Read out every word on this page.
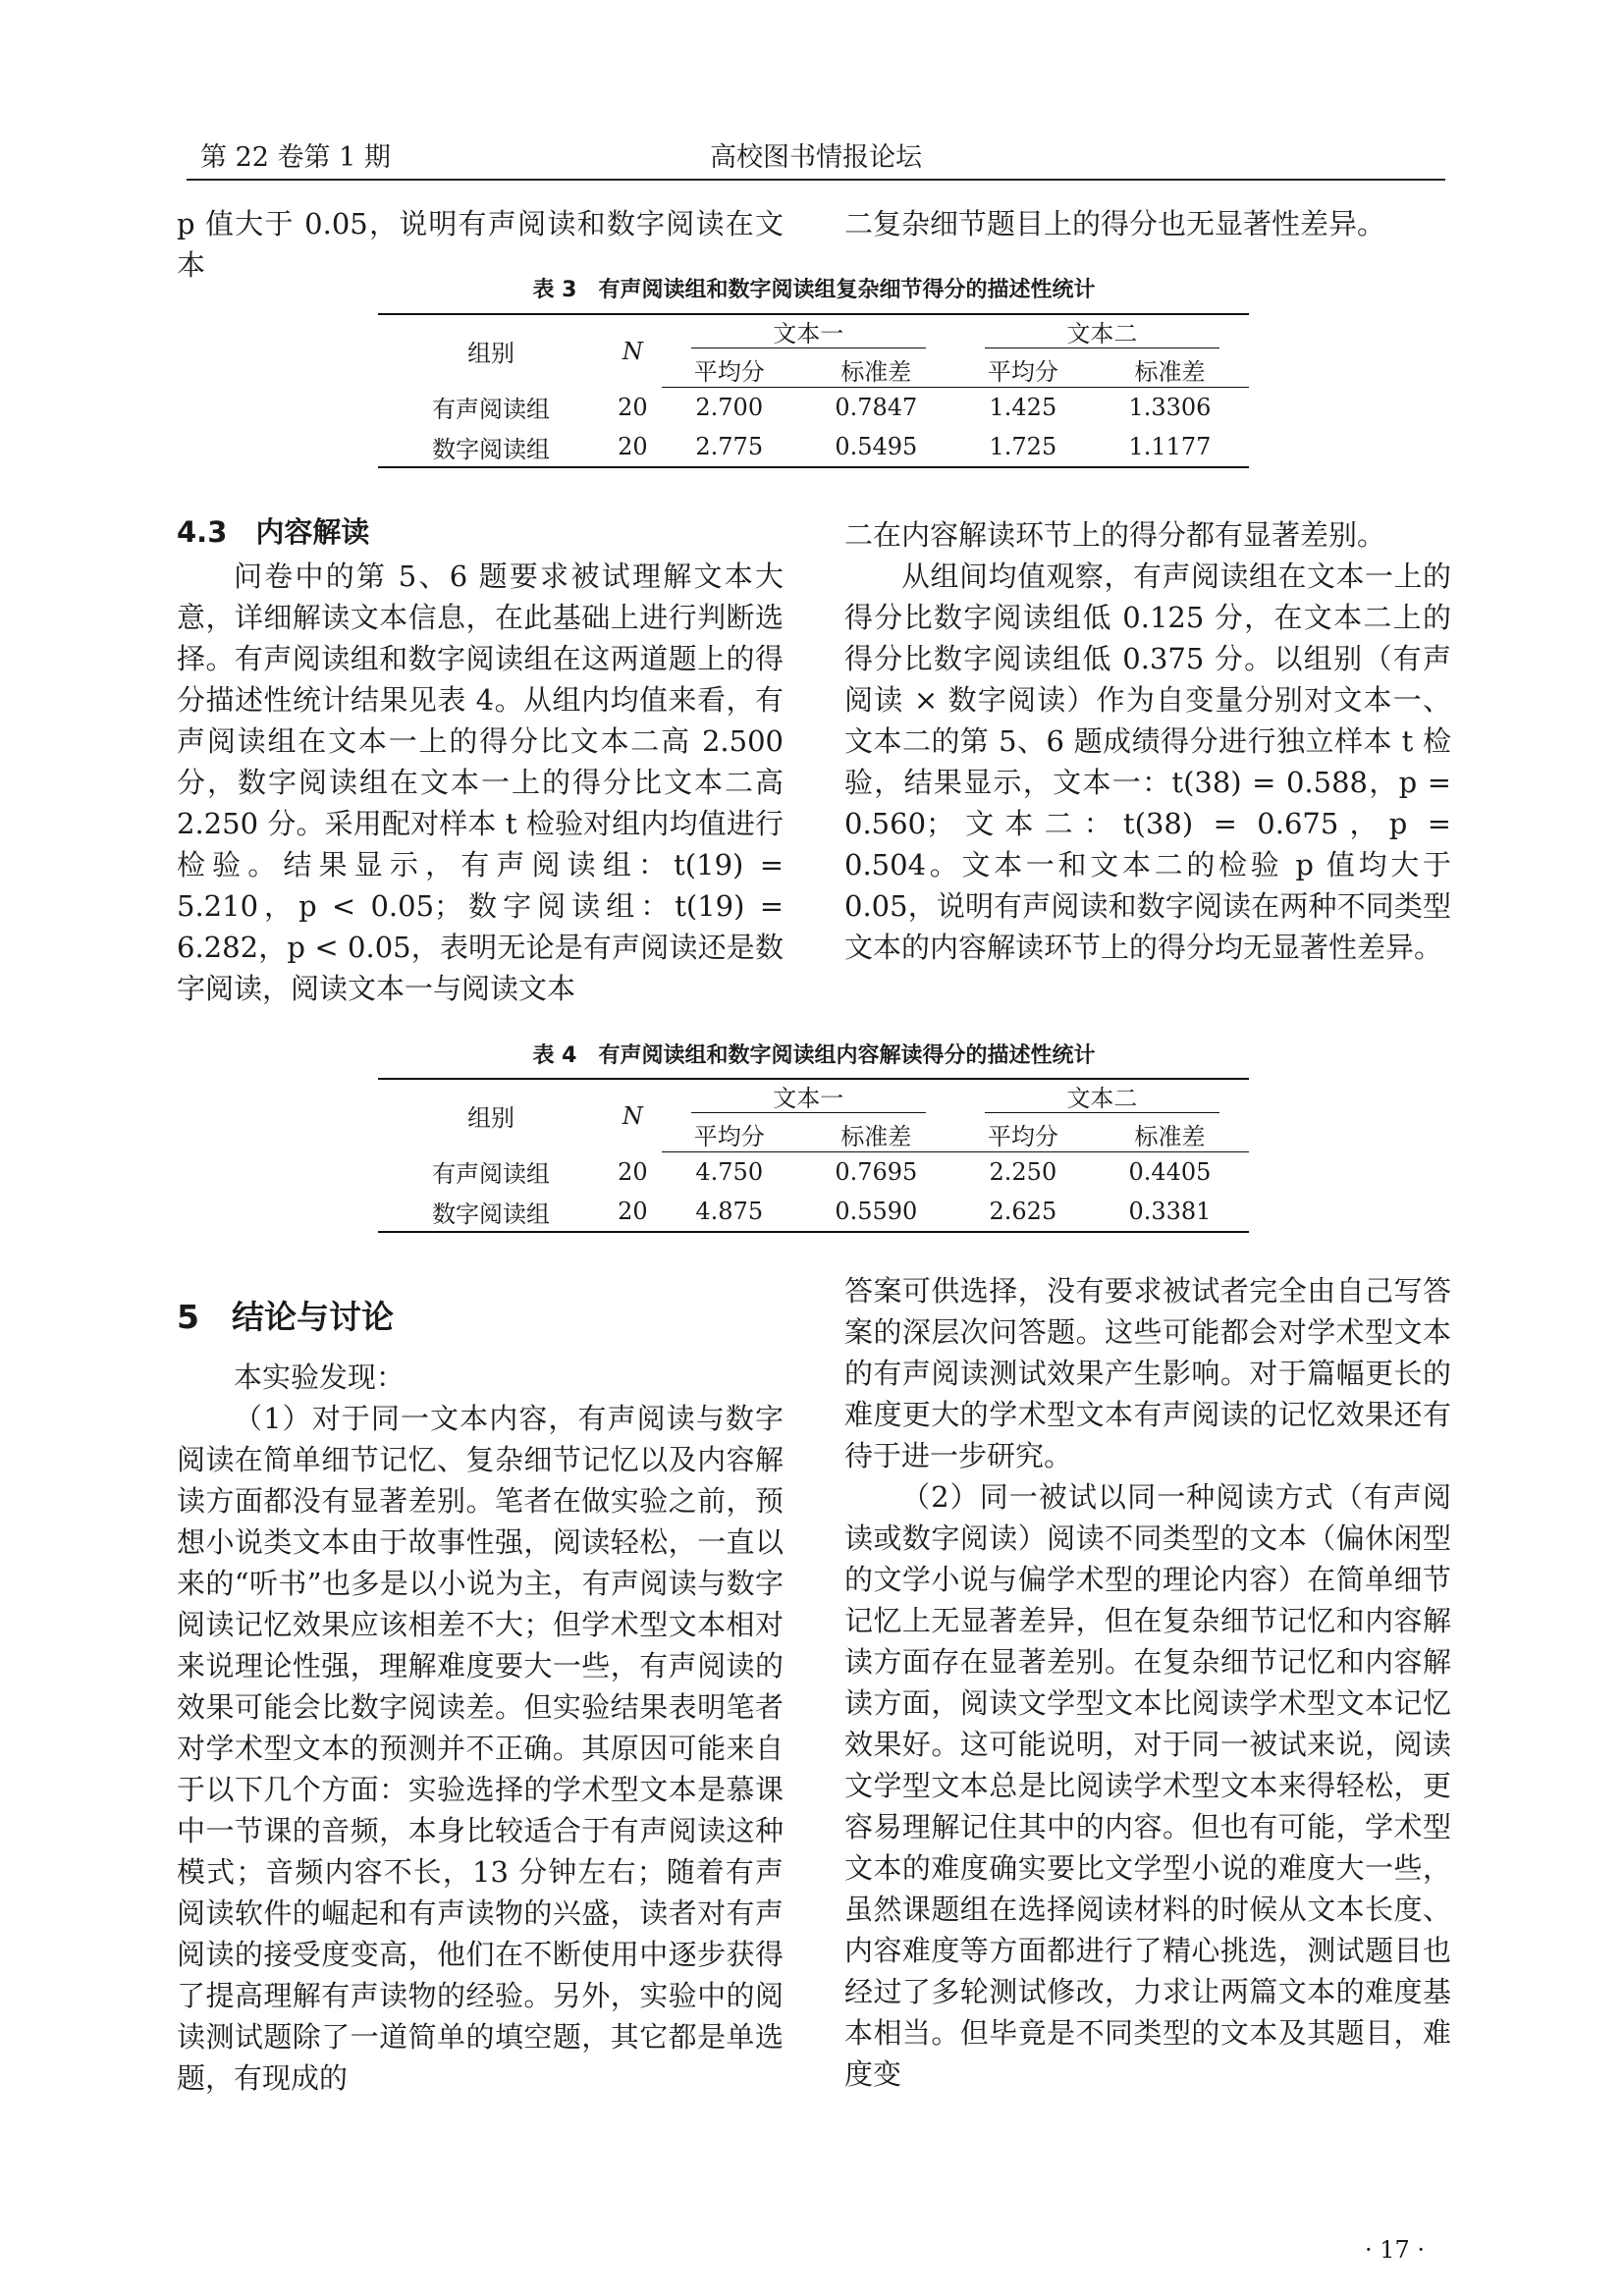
第 22 卷第 1 期	高校图书情报论坛

p 值大于 0.05，说明有声阅读和数字阅读在文本

二复杂细节题目上的得分也无显著性差异。

表 3　有声阅读组和数字阅读组复杂细节得分的描述性统计

组别	N	文本一		文本二	
		平均分	标准差	平均分	标准差
有声阅读组	20	2.700	0.7847	1.425	1.3306
数字阅读组	20	2.775	0.5495	1.725	1.1177
4.3　内容解读

问卷中的第 5、6 题要求被试理解文本大意，详细解读文本信息，在此基础上进行判断选择。有声阅读组和数字阅读组在这两道题上的得分描述性统计结果见表 4。从组内均值来看，有声阅读组在文本一上的得分比文本二高 2.500 分，数字阅读组在文本一上的得分比文本二高 2.250 分。采用配对样本 t 检验对组内均值进行检验。结果显示，有声阅读组：t(19) = 5.210，p < 0.05；数字阅读组：t(19) = 6.282，p < 0.05，表明无论是有声阅读还是数字阅读，阅读文本一与阅读文本

二在内容解读环节上的得分都有显著差别。

从组间均值观察，有声阅读组在文本一上的得分比数字阅读组低 0.125 分，在文本二上的得分比数字阅读组低 0.375 分。以组别（有声阅读 × 数字阅读）作为自变量分别对文本一、文本二的第 5、6 题成绩得分进行独立样本 t 检验，结果显示，文本一：t(38) = 0.588，p = 0.560；文本二：t(38) = 0.675，p = 0.504。文本一和文本二的检验 p 值均大于 0.05，说明有声阅读和数字阅读在两种不同类型文本的内容解读环节上的得分均无显著性差异。

表 4　有声阅读组和数字阅读组内容解读得分的描述性统计

组别	N	文本一		文本二	
		平均分	标准差	平均分	标准差
有声阅读组	20	4.750	0.7695	2.250	0.4405
数字阅读组	20	4.875	0.5590	2.625	0.3381
5　结论与讨论

本实验发现：

（1）对于同一文本内容，有声阅读与数字阅读在简单细节记忆、复杂细节记忆以及内容解读方面都没有显著差别。笔者在做实验之前，预想小说类文本由于故事性强，阅读轻松，一直以来的“听书”也多是以小说为主，有声阅读与数字阅读记忆效果应该相差不大；但学术型文本相对来说理论性强，理解难度要大一些，有声阅读的效果可能会比数字阅读差。但实验结果表明笔者对学术型文本的预测并不正确。其原因可能来自于以下几个方面：实验选择的学术型文本是慕课中一节课的音频，本身比较适合于有声阅读这种模式；音频内容不长，13 分钟左右；随着有声阅读软件的崛起和有声读物的兴盛，读者对有声阅读的接受度变高，他们在不断使用中逐步获得了提高理解有声读物的经验。另外，实验中的阅读测试题除了一道简单的填空题，其它都是单选题，有现成的

答案可供选择，没有要求被试者完全由自己写答案的深层次问答题。这些可能都会对学术型文本的有声阅读测试效果产生影响。对于篇幅更长的难度更大的学术型文本有声阅读的记忆效果还有待于进一步研究。

（2）同一被试以同一种阅读方式（有声阅读或数字阅读）阅读不同类型的文本（偏休闲型的文学小说与偏学术型的理论内容）在简单细节记忆上无显著差异，但在复杂细节记忆和内容解读方面存在显著差别。在复杂细节记忆和内容解读方面，阅读文学型文本比阅读学术型文本记忆效果好。这可能说明，对于同一被试来说，阅读文学型文本总是比阅读学术型文本来得轻松，更容易理解记住其中的内容。但也有可能，学术型文本的难度确实要比文学型小说的难度大一些，虽然课题组在选择阅读材料的时候从文本长度、内容难度等方面都进行了精心挑选，测试题目也经过了多轮测试修改，力求让两篇文本的难度基本相当。但毕竟是不同类型的文本及其题目，难度变

· 17 ·
